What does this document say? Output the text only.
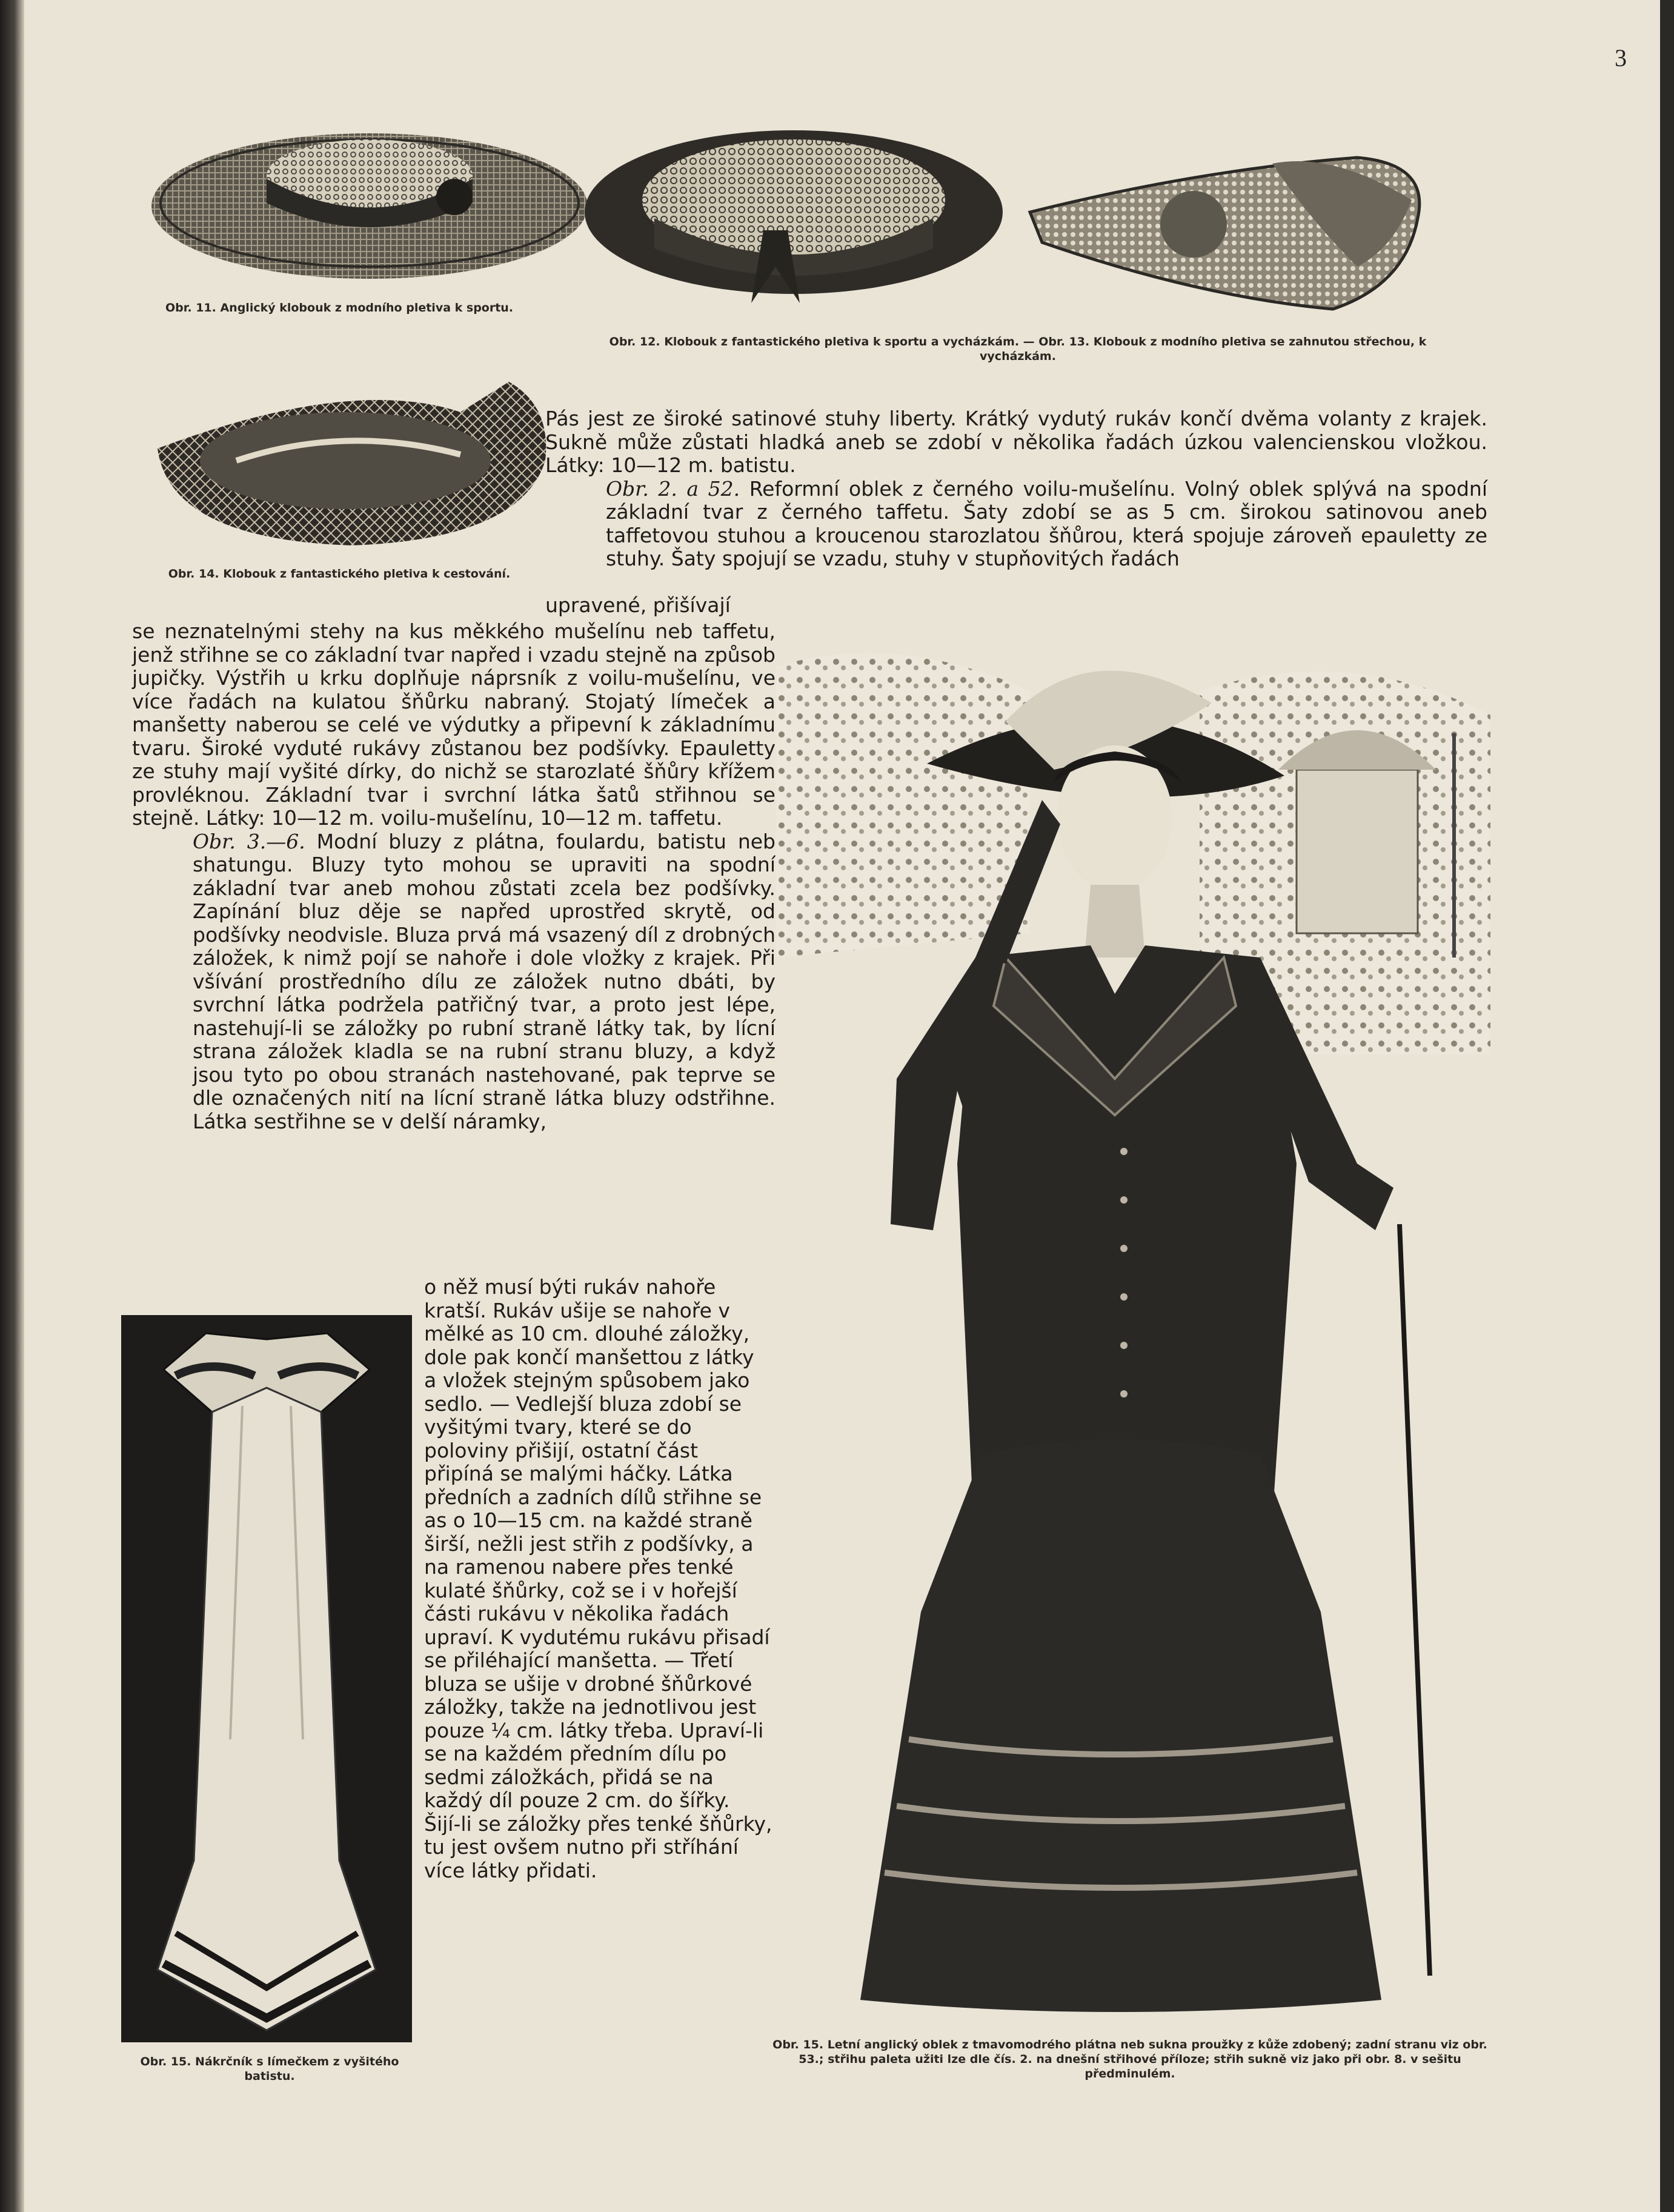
3
Obr. 11. Anglický klobouk z modního pletiva k sportu.
Obr. 12. Klobouk z fantastického pletiva k sportu a vycházkám. — Obr. 13. Klobouk z modního pletiva se zahnutou střechou, k vycházkám.
Obr. 14. Klobouk z fantastického pletiva k cestování.

Pás jest ze široké satinové stuhy liberty. Krátký vydutý rukáv končí dvěma volanty z krajek. Sukně může zůstati hladká aneb se zdobí v několika řadách úzkou valencienskou vložkou. Látky: 10—12 m. batistu.

Obr. 2. a 52. Reformní oblek z černého voilu-mušelínu. Volný oblek splývá na spodní základní tvar z černého taffetu. Šaty zdobí se as 5 cm. širokou satinovou aneb taffetovou stuhou a kroucenou starozlatou šňůrou, která spojuje zároveň epauletty ze stuhy. Šaty spojují se vzadu, stuhy v stupňovitých řadách

upravené, přišívají

se neznatelnými stehy na kus měkkého mušelínu neb taffetu, jenž střihne se co základní tvar napřed i vzadu stejně na způsob jupičky. Výstřih u krku doplňuje náprsník z voilu-mušelínu, ve více řadách na kulatou šňůrku nabraný. Stojatý límeček a manšetty naberou se celé ve výdutky a připevní k základnímu tvaru. Široké vyduté rukávy zůstanou bez podšívky. Epauletty ze stuhy mají vyšité dírky, do nichž se starozlaté šňůry křížem provléknou. Základní tvar i svrchní látka šatů střihnou se stejně. Látky: 10—12 m. voilu-mušelínu, 10—12 m. taffetu.

Obr. 3.—6. Modní bluzy z plátna, foulardu, batistu neb shatungu. Bluzy tyto mohou se upraviti na spodní základní tvar aneb mohou zůstati zcela bez podšívky. Zapínání bluz děje se napřed uprostřed skrytě, od podšívky neodvisle. Bluza prvá má vsazený díl z drobných záložek, k nimž pojí se nahoře i dole vložky z krajek. Při všívání prostředního dílu ze záložek nutno dbáti, by svrchní látka podržela patřičný tvar, a proto jest lépe, nastehují-li se záložky po rubní straně látky tak, by lícní strana záložek kladla se na rubní stranu bluzy, a když jsou tyto po obou stranách nastehované, pak teprve se dle označených nití na lícní straně látka bluzy odstřihne. Látka sestřihne se v delší náramky,

o něž musí býti rukáv nahoře kratší. Rukáv ušije se nahoře v mělké as 10 cm. dlouhé záložky, dole pak končí manšettou z látky a vložek stejným spůsobem jako sedlo. — Vedlejší bluza zdobí se vyšitými tvary, které se do poloviny přišijí, ostatní část připíná se malými háčky. Látka předních a zadních dílů střihne se as o 10—15 cm. na každé straně širší, nežli jest střih z podšívky, a na ramenou nabere přes tenké kulaté šňůrky, což se i v hořejší části rukávu v několika řadách upraví. K vydutému rukávu přisadí se přiléhající manšetta. — Třetí bluza se ušije v drobné šňůrkové záložky, takže na jednotlivou jest pouze ¼ cm. látky třeba. Upraví-li se na každém předním dílu po sedmi záložkách, přidá se na každý díl pouze 2 cm. do šířky. Šijí-li se záložky přes tenké šňůrky, tu jest ovšem nutno při stříhání více látky přidati.
Obr. 15. Nákrčník s límečkem z vyšitého batistu.
Obr. 15. Letní anglický oblek z tmavomodrého plátna neb sukna proužky z kůže zdobený; zadní stranu viz obr. 53.; střihu paleta užiti lze dle čís. 2. na dnešní střihové příloze; střih sukně viz jako při obr. 8. v sešitu předminulém.
